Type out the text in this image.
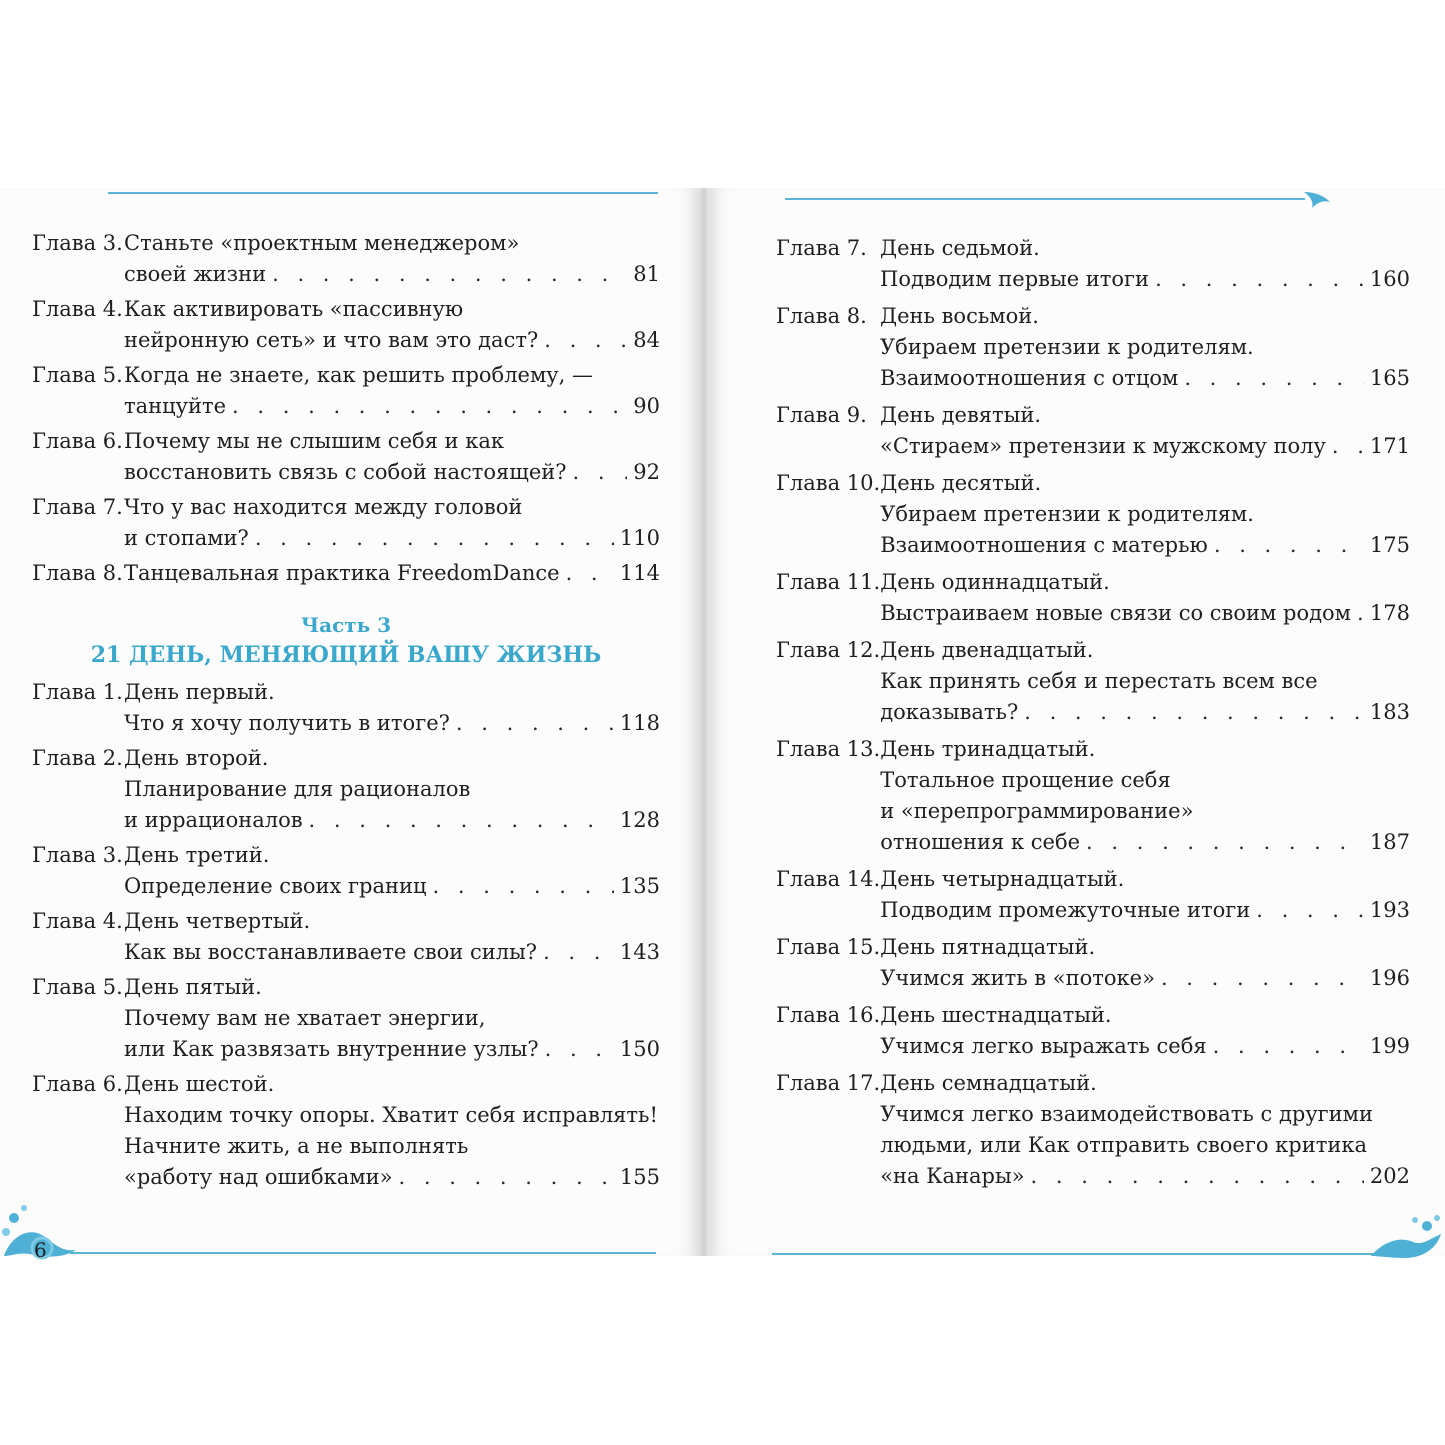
6
Глава 3. Станьте «проектным менеджером»
своей жизни . . .	81
Глава 4. Как активировать «пассивную
нейронную сеть» и что вам это даст? . . .	84
Глава 5. Когда не знаете, как решить проблему, —
танцуйте . . .	90
Глава 6. Почему мы не слышим себя и как
восстановить связь с собой настоящей? . . .	92
Глава 7. Что у вас находится между головой
и стопами? . . .	110
Глава 8. Танцевальная практика FreedomDance . . .	114
Часть 3
21 ДЕНЬ, МЕНЯЮЩИЙ ВАШУ ЖИЗНЬ
Глава 1. День первый.
Что я хочу получить в итоге? . . .	118
Глава 2. День второй.
Планирование для рационалов
и иррационалов . . .	128
Глава 3. День третий.
Определение своих границ . . .	135
Глава 4. День четвертый.
Как вы восстанавливаете свои силы? . . .	143
Глава 5. День пятый.
Почему вам не хватает энергии,
или Как развязать внутренние узлы? . . .	150
Глава 6. День шестой.
Находим точку опоры. Хватит себя исправлять!
Начните жить, а не выполнять
«работу над ошибками» . . .	155
Глава 7. День седьмой.
Подводим первые итоги . . .	160
Глава 8. День восьмой.
Убираем претензии к родителям.
Взаимоотношения с отцом . . .	165
Глава 9. День девятый.
«Стираем» претензии к мужскому полу . . . 171
Глава 10. День десятый.
Убираем претензии к родителям.
Взаимоотношения с матерью . . .	175
Глава 11. День одиннадцатый.
Выстраиваем новые связи со своим родом . . . 178
Глава 12. День двенадцатый.
Как принять себя и перестать всем все
доказывать? . . .	183
Глава 13. День тринадцатый.
Тотальное прощение себя
и «перепрограммирование»
отношения к себе . . .	187
Глава 14. День четырнадцатый.
Подводим промежуточные итоги . . .	193
Глава 15. День пятнадцатый.
Учимся жить в «потоке» . . .	196
Глава 16. День шестнадцатый.
Учимся легко выражать себя . . .	199
Глава 17. День семнадцатый.
Учимся легко взаимодействовать с другими
людьми, или Как отправить своего критика
«на Канары» . . .	202
